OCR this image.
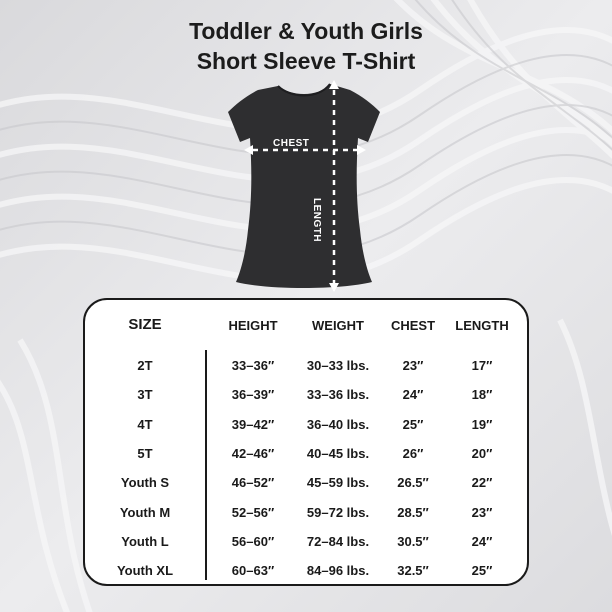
Toddler & Youth Girls
Short Sleeve T-Shirt
CHEST
LENGTH
SIZE	HEIGHT	WEIGHT	CHEST	LENGTH
2T	33–36″	30–33 lbs.	23″	17″
3T	36–39″	33–36 lbs.	24″	18″
4T	39–42″	36–40 lbs.	25″	19″
5T	42–46″	40–45 lbs.	26″	20″
Youth S	46–52″	45–59 lbs.	26.5″	22″
Youth M	52–56″	59–72 lbs.	28.5″	23″
Youth L	56–60″	72–84 lbs.	30.5″	24″
Youth XL	60–63″	84–96 lbs.	32.5″	25″
